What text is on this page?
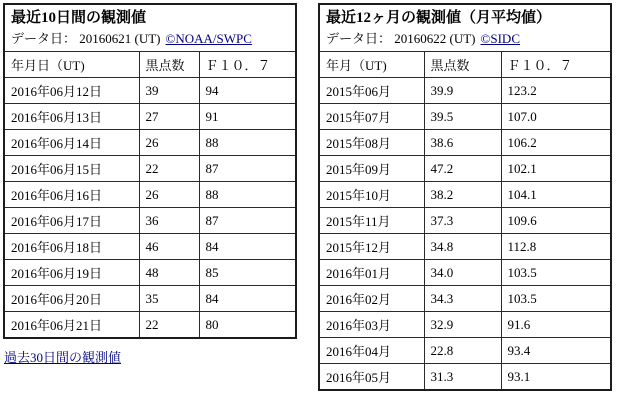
最近10日間の観測値
データ日： 20160621 (UT) ©NOAA/SWPC		

年月日（UT)	黒点数	Ｆ１０．７
2016年06月12日	39	94
2016年06月13日	27	91
2016年06月14日	26	88
2016年06月15日	22	87
2016年06月16日	26	88
2016年06月17日	36	87
2016年06月18日	46	84
2016年06月19日	48	85
2016年06月20日	35	84
2016年06月21日	22	80
過去30日間の観測値
最近12ヶ月の観測値（月平均値）
データ日： 20160622 (UT) ©SIDC		

年月（UT)	黒点数	Ｆ１０．７
2015年06月	39.9	123.2
2015年07月	39.5	107.0
2015年08月	38.6	106.2
2015年09月	47.2	102.1
2015年10月	38.2	104.1
2015年11月	37.3	109.6
2015年12月	34.8	112.8
2016年01月	34.0	103.5
2016年02月	34.3	103.5
2016年03月	32.9	91.6
2016年04月	22.8	93.4
2016年05月	31.3	93.1
